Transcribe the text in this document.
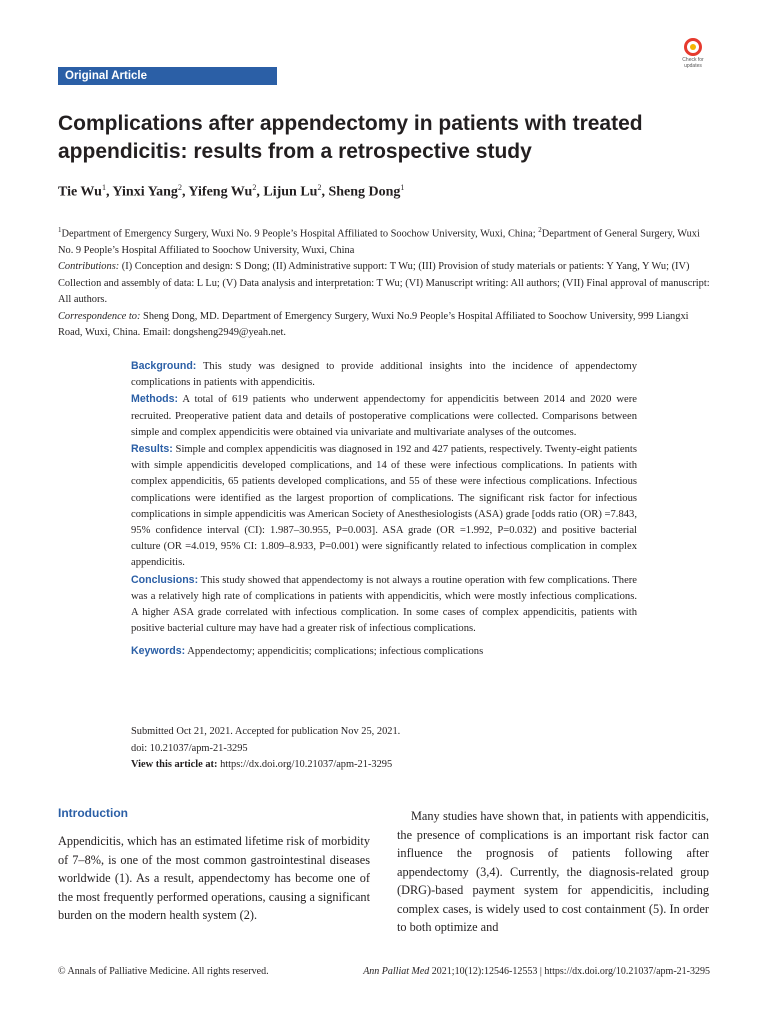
Original Article
Check for updates
Complications after appendectomy in patients with treated appendicitis: results from a retrospective study
Tie Wu$^1$, Yinxi Yang$^2$, Yifeng Wu$^2$, Lijun Lu$^2$, Sheng Dong$^1$

$^1$Department of Emergency Surgery, Wuxi No. 9 People’s Hospital Affiliated to Soochow University, Wuxi, China; $^2$Department of General Surgery, Wuxi No. 9 People’s Hospital Affiliated to Soochow University, Wuxi, China

Contributions: (I) Conception and design: S Dong; (II) Administrative support: T Wu; (III) Provision of study materials or patients: Y Yang, Y Wu; (IV) Collection and assembly of data: L Lu; (V) Data analysis and interpretation: T Wu; (VI) Manuscript writing: All authors; (VII) Final approval of manuscript: All authors.

Correspondence to: Sheng Dong, MD. Department of Emergency Surgery, Wuxi No.9 People’s Hospital Affiliated to Soochow University, 999 Liangxi Road, Wuxi, China. Email: dongsheng2949@yeah.net.

Background: This study was designed to provide additional insights into the incidence of appendectomy complications in patients with appendicitis.

Methods: A total of 619 patients who underwent appendectomy for appendicitis between 2014 and 2020 were recruited. Preoperative patient data and details of postoperative complications were collected. Comparisons between simple and complex appendicitis were obtained via univariate and multivariate analyses of the outcomes.

Results: Simple and complex appendicitis was diagnosed in 192 and 427 patients, respectively. Twenty-eight patients with simple appendicitis developed complications, and 14 of these were infectious complications. In patients with complex appendicitis, 65 patients developed complications, and 55 of these were infectious complications. Infectious complications were identified as the largest proportion of complications. The significant risk factor for infectious complications in simple appendicitis was American Society of Anesthesiologists (ASA) grade [odds ratio (OR) =7.843, 95% confidence interval (CI): 1.987–30.955, P=0.003]. ASA grade (OR =1.992, P=0.032) and positive bacterial culture (OR =4.019, 95% CI: 1.809–8.933, P=0.001) were significantly related to infectious complication in complex appendicitis.

Conclusions: This study showed that appendectomy is not always a routine operation with few complications. There was a relatively high rate of complications in patients with appendicitis, which were mostly infectious complications. A higher ASA grade correlated with infectious complication. In some cases of complex appendicitis, patients with positive bacterial culture may have had a greater risk of infectious complications.

Keywords: Appendectomy; appendicitis; complications; infectious complications

Submitted Oct 21, 2021. Accepted for publication Nov 25, 2021.

doi: 10.21037/apm-21-3295

View this article at: https://dx.doi.org/10.21037/apm-21-3295

Introduction

Appendicitis, which has an estimated lifetime risk of morbidity of 7–8%, is one of the most common gastrointestinal diseases worldwide (1). As a result, appendectomy has become one of the most frequently performed operations, causing a significant burden on the modern health system (2).

Many studies have shown that, in patients with appendicitis, the presence of complications is an important risk factor can influence the prognosis of patients following after appendectomy (3,4). Currently, the diagnosis-related group (DRG)-based payment system for appendicitis, including complex cases, is widely used to cost containment (5). In order to both optimize and

© Annals of Palliative Medicine. All rights reserved.	Ann Palliat Med 2021;10(12):12546-12553 | https://dx.doi.org/10.21037/apm-21-3295
